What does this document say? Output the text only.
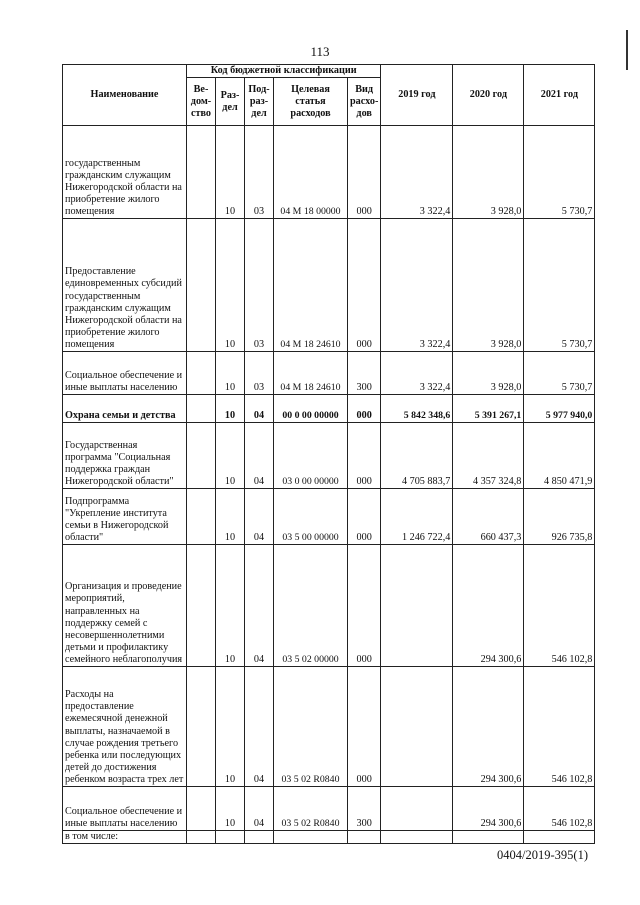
113
Наименование	Код бюджетной классификации					2019 год	2020 год	2021 год
	Ве- дом- ство	Раз- дел	Под- раз- дел	Целевая статья расходов	Вид расхо- дов			
государственным гражданским служащим Нижегородской области на приобретение жилого помещения		10	03	04 М 18 00000	000	3 322,4	3 928,0	5 730,7
Предоставление единовременных субсидий государственным гражданским служащим Нижегородской области на приобретение жилого помещения		10	03	04 М 18 24610	000	3 322,4	3 928,0	5 730,7
Социальное обеспечение и иные выплаты населению		10	03	04 М 18 24610	300	3 322,4	3 928,0	5 730,7
Охрана семьи и детства		10	04	00 0 00 00000	000	5 842 348,6	5 391 267,1	5 977 940,0
Государственная программа "Социальная поддержка граждан Нижегородской области"		10	04	03 0 00 00000	000	4 705 883,7	4 357 324,8	4 850 471,9
Подпрограмма "Укрепление института семьи в Нижегородской области"		10	04	03 5 00 00000	000	1 246 722,4	660 437,3	926 735,8
Организация и проведение мероприятий, направленных на поддержку семей с несовершеннолетними детьми и профилактику семейного неблагополучия		10	04	03 5 02 00000	000		294 300,6	546 102,8
Расходы на предоставление ежемесячной денежной выплаты, назначаемой в случае рождения третьего ребенка или последующих детей до достижения ребенком возраста трех лет		10	04	03 5 02 R0840	000		294 300,6	546 102,8
Социальное обеспечение и иные выплаты населению		10	04	03 5 02 R0840	300		294 300,6	546 102,8
в том числе:								
0404/2019-395(1)
